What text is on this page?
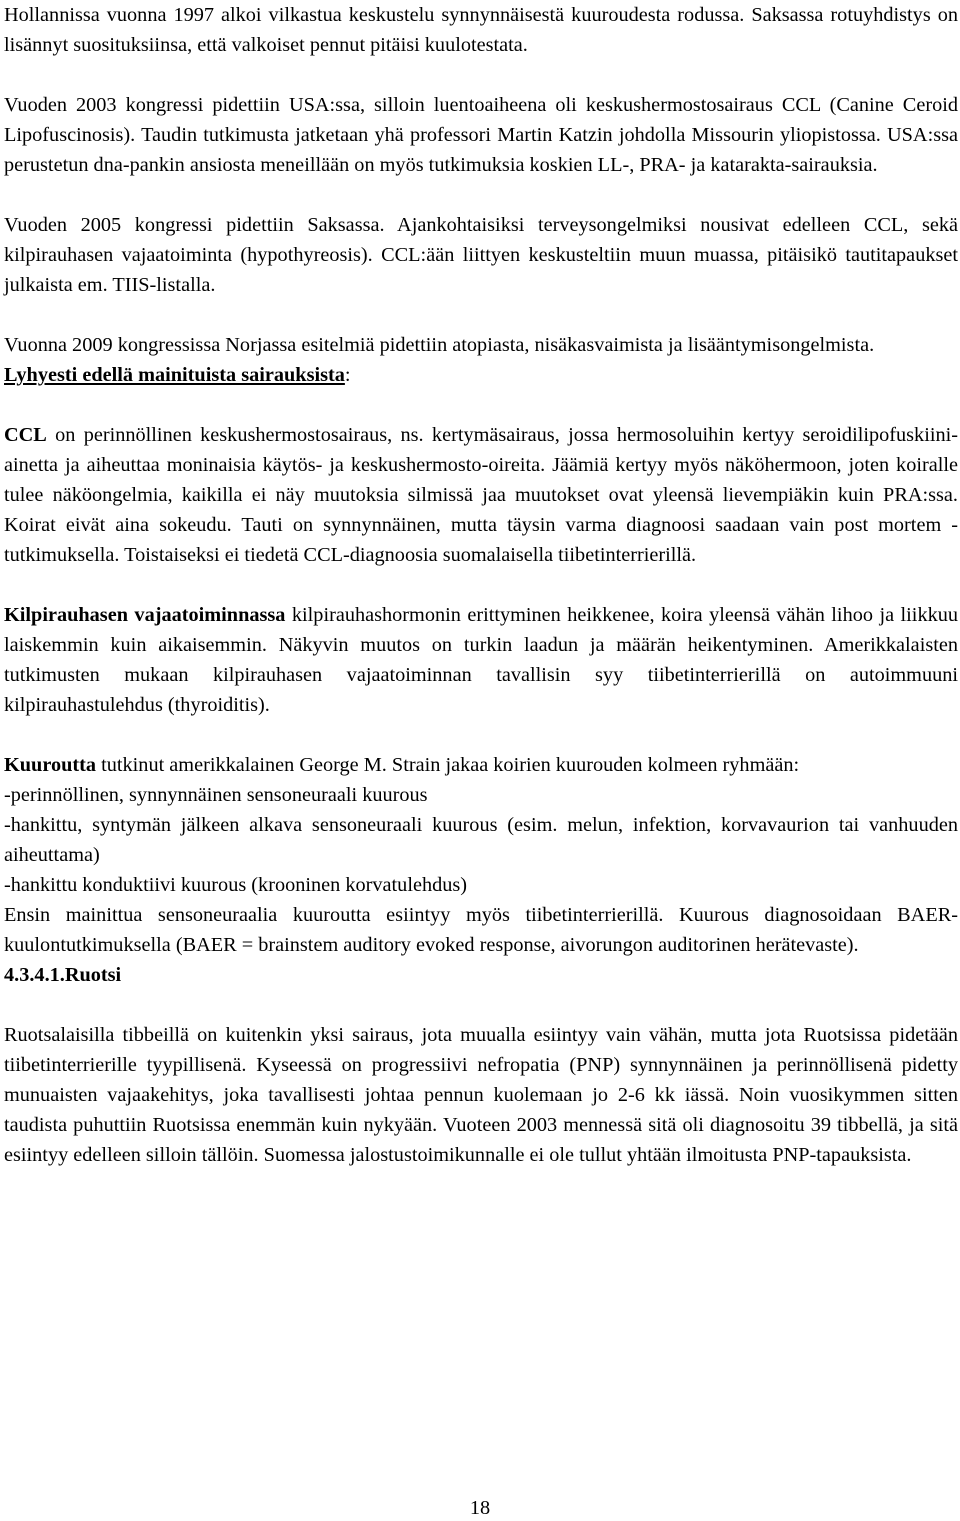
Hollannissa vuonna 1997 alkoi vilkastua keskustelu synnynnäisestä kuuroudesta rodussa. Saksassa rotuyhdistys on lisännyt suosituksiinsa, että valkoiset pennut pitäisi kuulotestata.

Vuoden 2003 kongressi pidettiin USA:ssa, silloin luentoaiheena oli keskushermostosairaus CCL (Canine Ceroid Lipofuscinosis). Taudin tutkimusta jatketaan yhä professori Martin Katzin johdolla Missourin yliopistossa. USA:ssa perustetun dna-pankin ansiosta meneillään on myös tutkimuksia koskien LL-, PRA- ja katarakta-sairauksia.

Vuoden 2005 kongressi pidettiin Saksassa. Ajankohtaisiksi terveysongelmiksi nousivat edelleen CCL, sekä kilpirauhasen vajaatoiminta (hypothyreosis). CCL:ään liittyen keskusteltiin muun muassa, pitäisikö tautitapaukset julkaista em. TIIS-listalla.

Vuonna 2009 kongressissa Norjassa esitelmiä pidettiin atopiasta, nisäkasvaimista ja lisääntymisongelmista.

Lyhyesti edellä mainituista sairauksista:

CCL on perinnöllinen keskushermostosairaus, ns. kertymäsairaus, jossa hermosoluihin kertyy seroidilipofuskiini-ainetta ja aiheuttaa moninaisia käytös- ja keskushermosto-oireita. Jäämiä kertyy myös näköhermoon, joten koiralle tulee näköongelmia, kaikilla ei näy muutoksia silmissä jaa muutokset ovat yleensä lievempiäkin kuin PRA:ssa. Koirat eivät aina sokeudu. Tauti on synnynnäinen, mutta täysin varma diagnoosi saadaan vain post mortem - tutkimuksella. Toistaiseksi ei tiedetä CCL-diagnoosia suomalaisella tiibetinterrierillä.

Kilpirauhasen vajaatoiminnassa kilpirauhashormonin erittyminen heikkenee, koira yleensä vähän lihoo ja liikkuu laiskemmin kuin aikaisemmin. Näkyvin muutos on turkin laadun ja määrän heikentyminen. Amerikkalaisten tutkimusten mukaan kilpirauhasen vajaatoiminnan tavallisin syy tiibetinterrierillä on autoimmuuni kilpirauhastulehdus (thyroiditis).

Kuuroutta tutkinut amerikkalainen George M. Strain jakaa koirien kuurouden kolmeen ryhmään:

-perinnöllinen, synnynnäinen sensoneuraali kuurous

-hankittu, syntymän jälkeen alkava sensoneuraali kuurous (esim. melun, infektion, korvavaurion tai vanhuuden aiheuttama)

-hankittu konduktiivi kuurous (krooninen korvatulehdus)

Ensin mainittua sensoneuraalia kuuroutta esiintyy myös tiibetinterrierillä. Kuurous diagnosoidaan BAER-kuulontutkimuksella (BAER = brainstem auditory evoked response, aivorungon auditorinen herätevaste).

4.3.4.1.Ruotsi

Ruotsalaisilla tibbeillä on kuitenkin yksi sairaus, jota muualla esiintyy vain vähän, mutta jota Ruotsissa pidetään tiibetinterrierille tyypillisenä. Kyseessä on progressiivi nefropatia (PNP) synnynnäinen ja perinnöllisenä pidetty munuaisten vajaakehitys, joka tavallisesti johtaa pennun kuolemaan jo 2-6 kk iässä. Noin vuosikymmen sitten taudista puhuttiin Ruotsissa enemmän kuin nykyään. Vuoteen 2003 mennessä sitä oli diagnosoitu 39 tibbellä, ja sitä esiintyy edelleen silloin tällöin. Suomessa jalostustoimikunnalle ei ole tullut yhtään ilmoitusta PNP-tapauksista.

18
